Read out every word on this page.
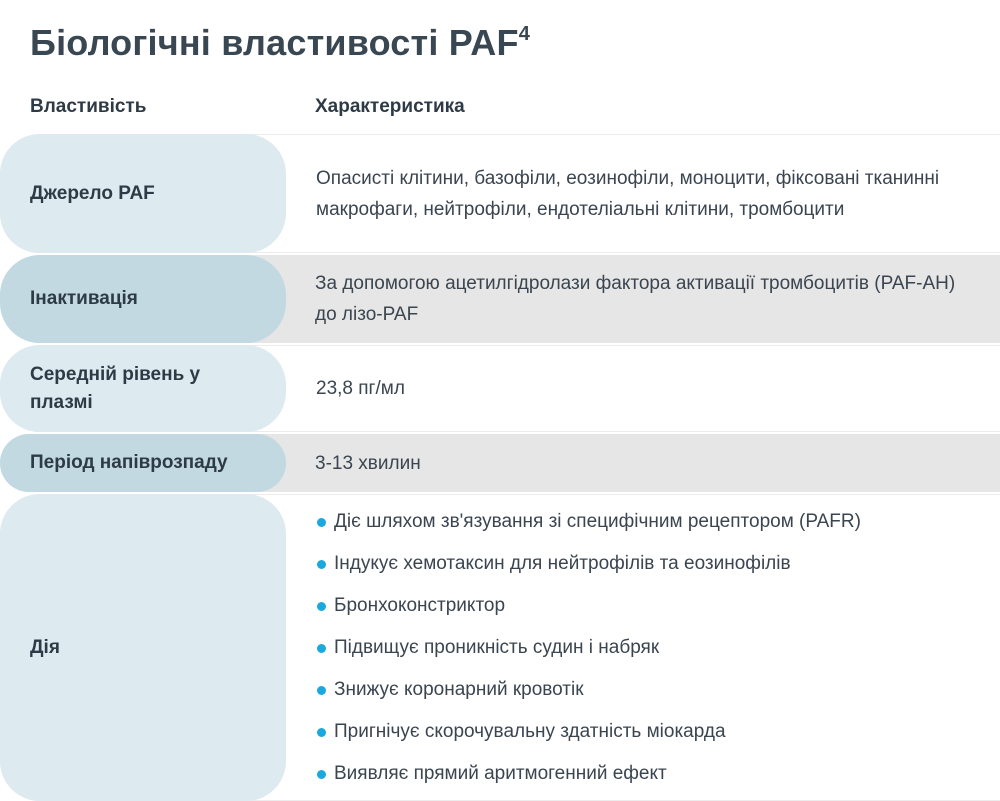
Біологічні властивості PAF$^4$
Властивість	Характеристика
Опасисті клітини, базофіли, еозинофіли, моноцити, фіксовані тканинні макрофаги, нейтрофіли, ендотеліальні клітини, тромбоцити
Джерело PAF
За допомогою ацетилгідролази фактора активації тромбоцитів (PAF-AH) до лізо-PAF
Інактивація
23,8 пг/мл
Середній рівень у плазмі
3-13 хвилин
Період напіврозпаду
Діє шляхом зв'язування зі специфічним рецептором (PAFR)
Індукує хемотаксин для нейтрофілів та еозинофілів
Бронхоконстриктор
Підвищує проникність судин і набряк
Знижує коронарний кровотік
Пригнічує скорочувальну здатність міокарда
Виявляє прямий аритмогенний ефект
Дія
